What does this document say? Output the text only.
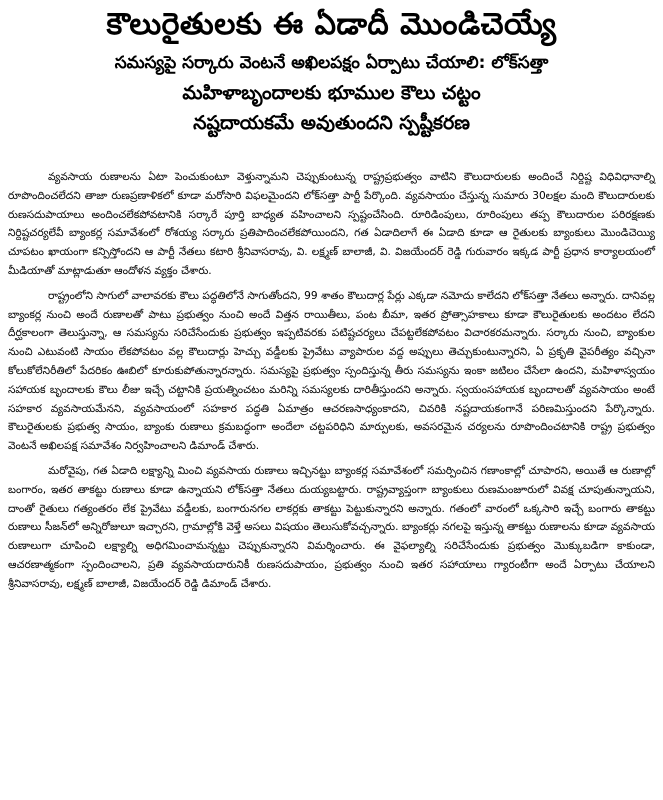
కౌలురైతులకు ఈ ఏడాదీ మొండిచెయ్యే
సమస్యపై సర్కారు వెంటనే అఖిలపక్షం ఏర్పాటు చేయాలి: లోక్‌సత్తా
మహిళాబృందాలకు భూముల కౌలు చట్టం
నష్టదాయకమే అవుతుందని స్పష్టీకరణ

వ్యవసాయ రుణాలను ఏటా పెంచుకుంటూ వెళ్తున్నామని చెప్పుకుంటున్న రాష్ట్రప్రభుత్వం వాటిని కౌలుదారులకు అందించే నిర్దిష్ట విధివిధానాల్ని రూపొందించలేదని తాజా రుణప్రణాళికలో కూడా మరోసారి విఫలమైందని లోక్‌సత్తా పార్టీ పేర్కొంది. వ్యవసాయం చేస్తున్న సుమారు 30లక్షల మంది కౌలుదారులకు రుణసదుపాయాలు అందించలేకపోవటానికి సర్కారే పూర్తి బాధ్యత వహించాలని స్పష్టంచేసింది. రూరిడింపులు, రూరింపులు తప్ప కౌలుదారుల పరిరక్షణకు నిర్దిష్టచర్యలేవీ బ్యాంకర్ల సమావేశంలో రోశయ్య సర్కారు ప్రతిపాదించలేకపోయిందని, గత ఏడాదిలాగే ఈ ఏడాది కూడా ఆ రైతులకు బ్యాంకులు మొండిచెయ్యి చూపటం ఖాయంగా కన్పిస్తోందని ఆ పార్టీ నేతలు కటారి శ్రీనివాసరావు, వి. లక్ష్మణ్ బాలాజీ, వి. విజయేందర్ రెడ్డి గురువారం ఇక్కడ పార్టీ ప్రధాన కార్యాలయంలో మీడియాతో మాట్లాడుతూ ఆందోళన వ్యక్తం చేశారు.

రాష్ట్రంలోని సాగులో వాలావరకు కౌలు పద్ధతిలోనే సాగుతోందని, 99 శాతం కౌలుదార్ల పేర్లు ఎక్కడా నమోదు కాలేదని లోక్‌సత్తా నేతలు అన్నారు. దానివల్ల బ్యాంకర్ల నుంచి అందే రుణాలతో పాటు ప్రభుత్వం నుంచి అందే విత్తన రాయితీలు, పంట బీమా, ఇతర ప్రోత్సాహకాలు కూడా కౌలురైతులకు అందటం లేదని దీర్ఘకాలంగా తెలుస్తున్నా, ఆ సమస్యను సరిచేసేందుకు ప్రభుత్వం ఇప్పటివరకు పటిష్టచర్యలు చేపట్టలేకపోవటం విచారకరమన్నారు. సర్కారు నుంచి, బ్యాంకుల నుంచి ఎటువంటి సాయం లేకపోవటం వల్ల కౌలుదార్లు హెచ్చు వడ్డీలకు ప్రైవేటు వ్యాపారుల వద్ద అప్పులు తెచ్చుకుంటున్నారని, ఏ ప్రకృతి వైపరీత్యం వచ్చినా కోలుకోలేనిరీతిలో పేదరికం ఊబిలో కూరుకుపోతున్నారన్నారు. సమస్యపై ప్రభుత్వం స్పందిస్తున్న తీరు సమస్యను ఇంకా జటిలం చేసేలా ఉందని, మహిళాస్వయం సహాయక బృందాలకు కౌలు లీజు ఇచ్చే చట్టానికి ప్రయత్నించటం మరిన్ని సమస్యలకు దారితీస్తుందని అన్నారు. స్వయంసహాయక బృందాలతో వ్యవసాయం అంటే సహకార వ్యవసాయమేనని, వ్యవసాయంలో సహకార పద్ధతి ఏమాత్రం ఆచరణసాధ్యంకాదని, చివరికి నష్టదాయకంగానే పరిణమిస్తుందని పేర్కొన్నారు. కౌలురైతులకు ప్రభుత్వ సాయం, బ్యాంకు రుణాలు క్రమబద్ధంగా అందేలా చట్టపరిధిని మార్పులకు, అవసరమైన చర్యలను రూపొందించటానికి రాష్ట్ర ప్రభుత్వం వెంటనే అఖిలపక్ష సమావేశం నిర్వహించాలని డిమాండ్ చేశారు.

మరోవైపు, గత ఏడాది లక్ష్యాన్ని మించి వ్యవసాయ రుణాలు ఇచ్చినట్టు బ్యాంకర్ల సమావేశంలో సమర్పించిన గణాంకాల్లో చూపారని, అయితే ఆ రుణాల్లో బంగారం, ఇతర తాకట్టు రుణాలు కూడా ఉన్నాయని లోక్‌సత్తా నేతలు దుయ్యబట్టారు. రాష్ట్రవ్యాప్తంగా బ్యాంకులు రుణమంజూరులో వివక్ష చూపుతున్నాయని, దాంతో రైతులు గత్యంతరం లేక ప్రైవేటు వడ్డీలకు, బంగారునగల లాకర్లకు తాకట్టు పెట్టుకున్నారని అన్నారు. గతంలో వారంలో ఒక్కసారి ఇచ్చే బంగారు తాకట్టు రుణాలు సీజన్‌లో అన్నిరోజులూ ఇచ్చారని, గ్రామాల్లోకి వెళ్తే అసలు విషయం తెలుసుకోవచ్చన్నారు. బ్యాంకర్లు నగలపై ఇస్తున్న తాకట్టు రుణాలను కూడా వ్యవసాయ రుణాలుగా చూపించి లక్ష్యాల్ని అధిగమించామన్నట్టు చెప్పుకున్నారని విమర్శించారు. ఈ వైఫల్యాల్ని సరిచేసేందుకు ప్రభుత్వం మొక్కుబడిగా కాకుండా, ఆచరణాత్మకంగా స్పందించాలని, ప్రతి వ్యవసాయదారునికీ రుణసదుపాయం, ప్రభుత్వం నుంచి ఇతర సహాయాలు గ్యారంటీగా అందే ఏర్పాటు చేయాలని శ్రీనివాసరావు, లక్ష్మణ్ బాలాజీ, విజయేందర్ రెడ్డి డిమాండ్ చేశారు.
